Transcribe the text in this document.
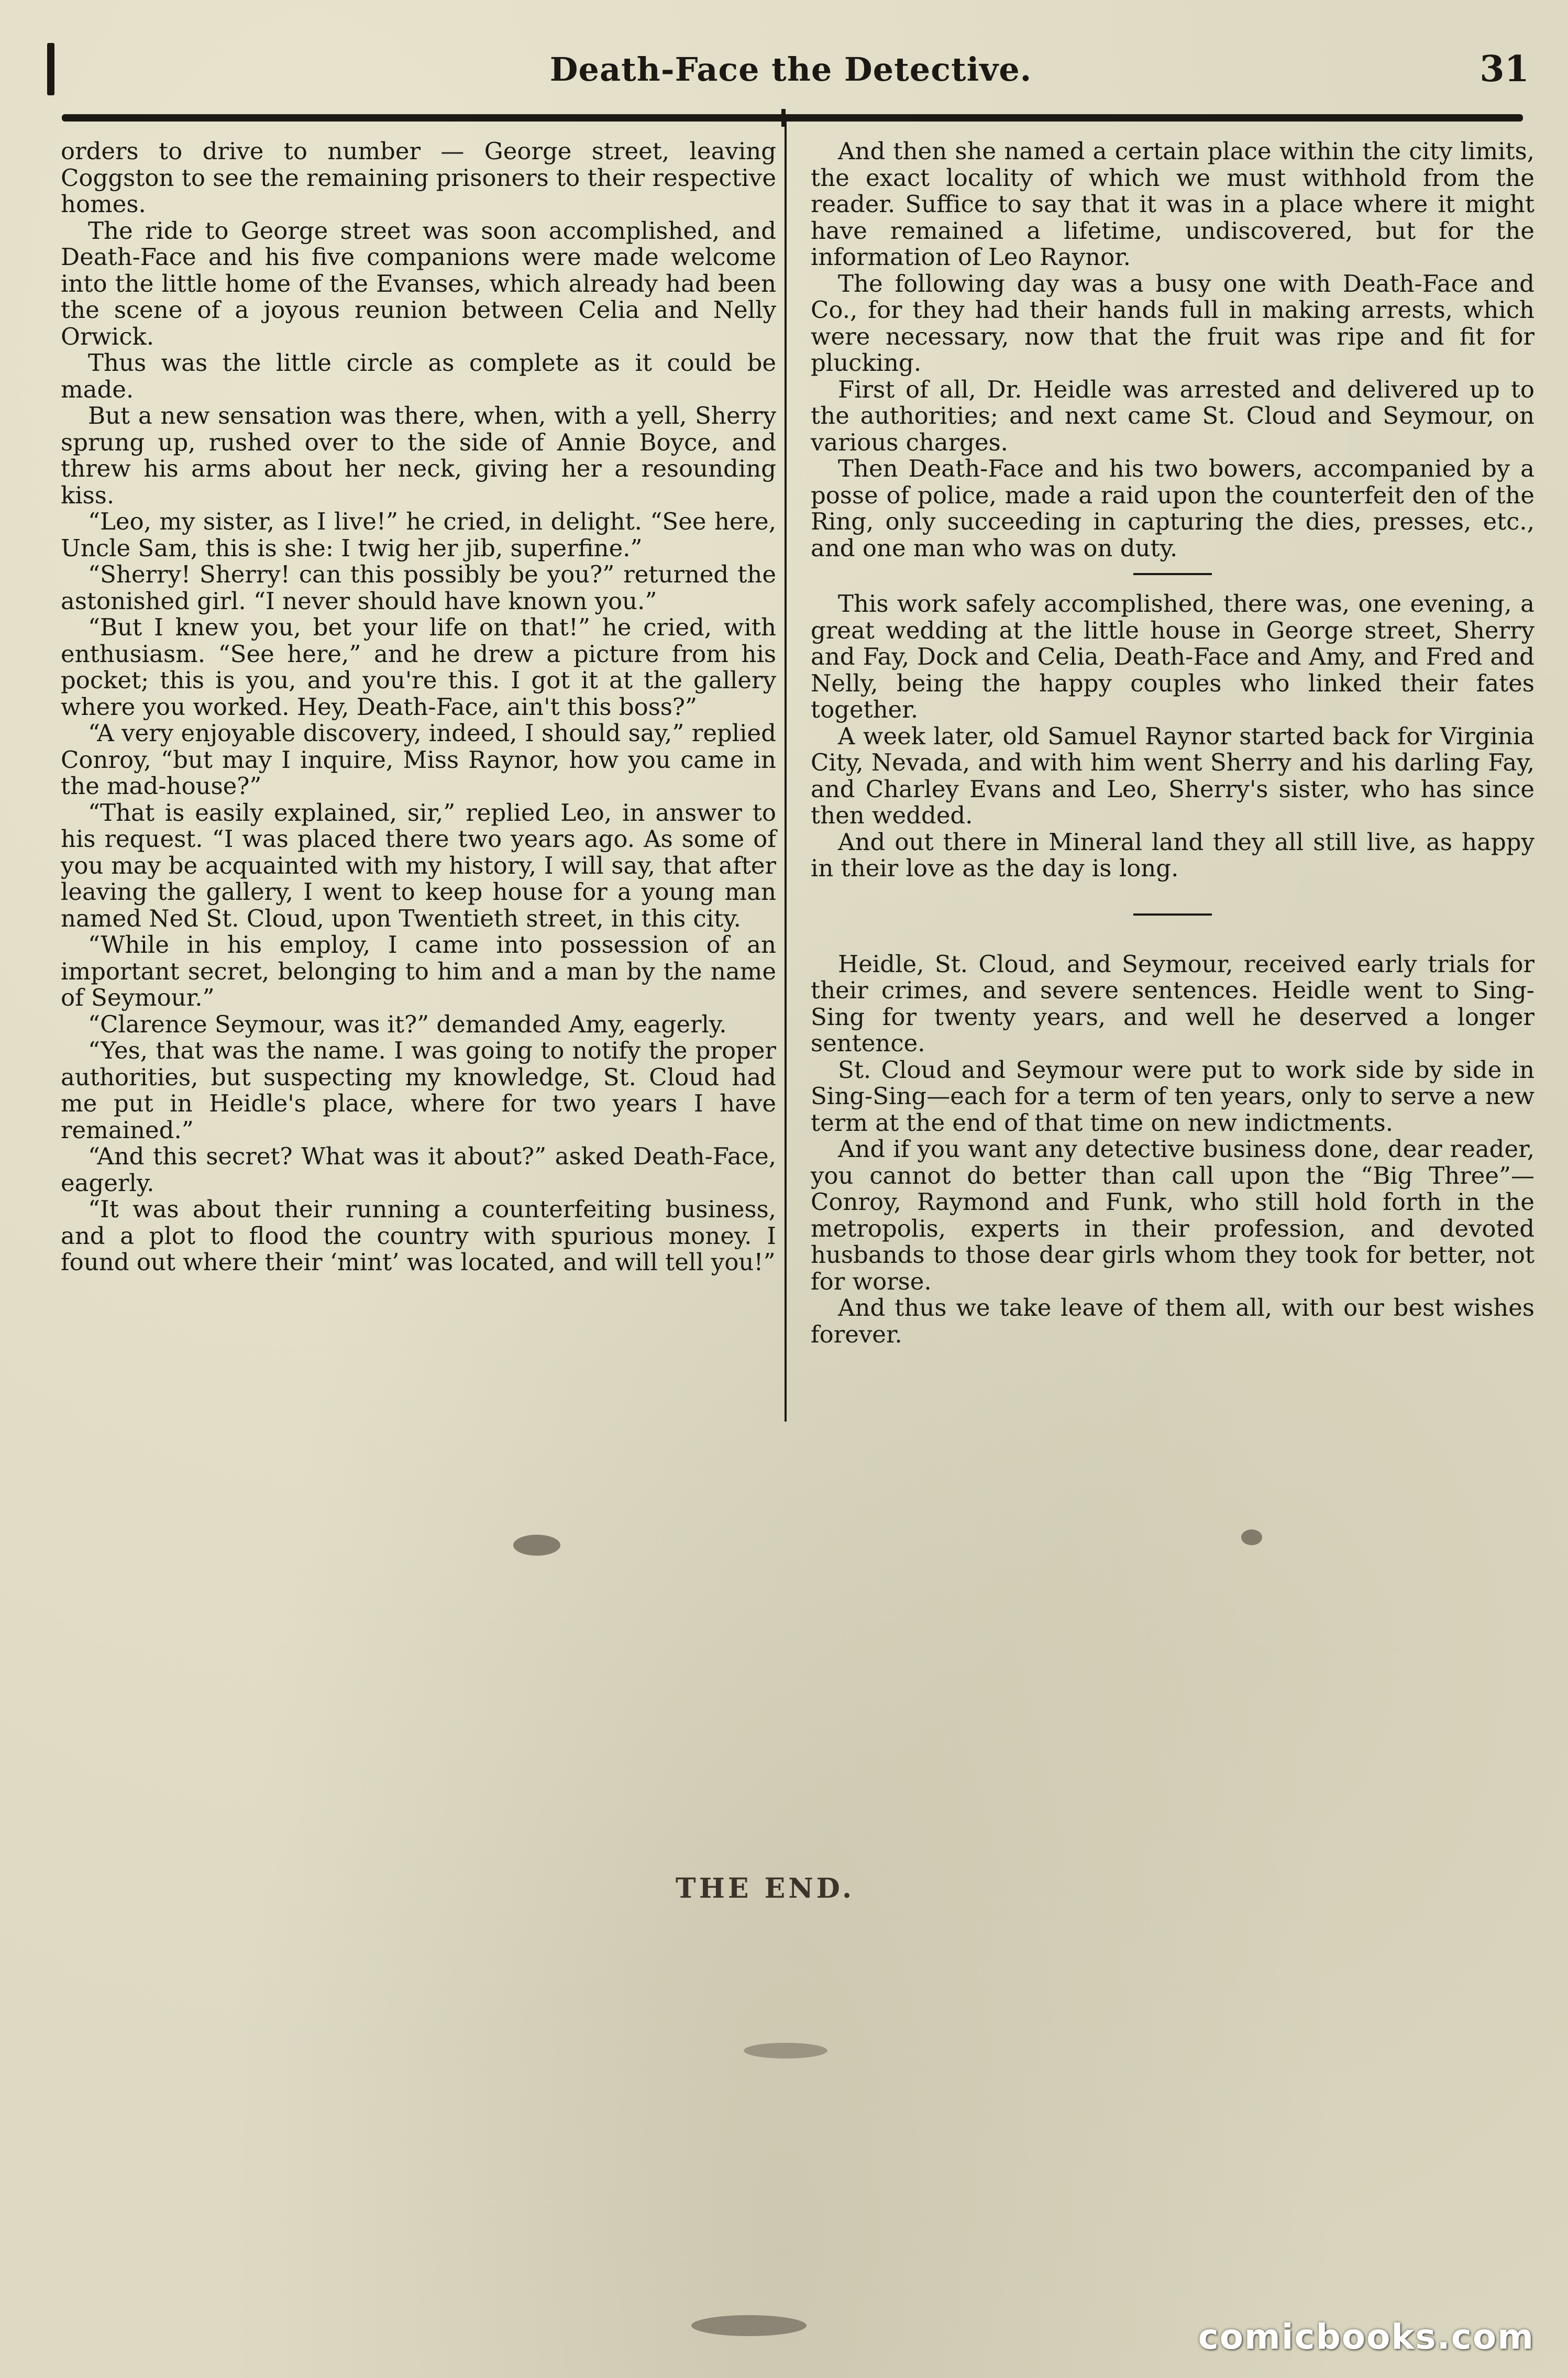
Death-Face the Detective.	31

orders to drive to number — George street, leaving Coggston to see the remaining prisoners to their respective homes.

The ride to George street was soon accomplished, and Death-Face and his five companions were made welcome into the little home of the Evanses, which already had been the scene of a joyous reunion between Celia and Nelly Orwick.

Thus was the little circle as complete as it could be made.

But a new sensation was there, when, with a yell, Sherry sprung up, rushed over to the side of Annie Boyce, and threw his arms about her neck, giving her a resounding kiss.

“Leo, my sister, as I live!” he cried, in delight. “See here, Uncle Sam, this is she: I twig her jib, superfine.”

“Sherry! Sherry! can this possibly be you?” returned the astonished girl. “I never should have known you.”

“But I knew you, bet your life on that!” he cried, with enthusiasm. “See here,” and he drew a picture from his pocket; this is you, and you're this. I got it at the gallery where you worked. Hey, Death-Face, ain't this boss?”

“A very enjoyable discovery, indeed, I should say,” replied Conroy, “but may I inquire, Miss Raynor, how you came in the mad-house?”

“That is easily explained, sir,” replied Leo, in answer to his request. “I was placed there two years ago. As some of you may be acquainted with my history, I will say, that after leaving the gallery, I went to keep house for a young man named Ned St. Cloud, upon Twentieth street, in this city.

“While in his employ, I came into possession of an important secret, belonging to him and a man by the name of Seymour.”

“Clarence Seymour, was it?” demanded Amy, eagerly.

“Yes, that was the name. I was going to notify the proper authorities, but suspecting my knowledge, St. Cloud had me put in Heidle's place, where for two years I have remained.”

“And this secret? What was it about?” asked Death-Face, eagerly.

“It was about their running a counterfeiting business, and a plot to flood the country with spurious money. I found out where their ‘mint’ was located, and will tell you!”

And then she named a certain place within the city limits, the exact locality of which we must withhold from the reader. Suffice to say that it was in a place where it might have remained a lifetime, undiscovered, but for the information of Leo Raynor.

The following day was a busy one with Death-Face and Co., for they had their hands full in making arrests, which were necessary, now that the fruit was ripe and fit for plucking.

First of all, Dr. Heidle was arrested and delivered up to the authorities; and next came St. Cloud and Seymour, on various charges.

Then Death-Face and his two bowers, accompanied by a posse of police, made a raid upon the counterfeit den of the Ring, only succeeding in capturing the dies, presses, etc., and one man who was on duty.

This work safely accomplished, there was, one evening, a great wedding at the little house in George street, Sherry and Fay, Dock and Celia, Death-Face and Amy, and Fred and Nelly, being the happy couples who linked their fates together.

A week later, old Samuel Raynor started back for Virginia City, Nevada, and with him went Sherry and his darling Fay, and Charley Evans and Leo, Sherry's sister, who has since then wedded.

And out there in Mineral land they all still live, as happy in their love as the day is long.

Heidle, St. Cloud, and Seymour, received early trials for their crimes, and severe sentences. Heidle went to Sing-Sing for twenty years, and well he deserved a longer sentence.

St. Cloud and Seymour were put to work side by side in Sing-Sing—each for a term of ten years, only to serve a new term at the end of that time on new indictments.

And if you want any detective business done, dear reader, you cannot do better than call upon the “Big Three”—Conroy, Raymond and Funk, who still hold forth in the metropolis, experts in their profession, and devoted husbands to those dear girls whom they took for better, not for worse.

And thus we take leave of them all, with our best wishes forever.

THE END.
comicbooks.com
